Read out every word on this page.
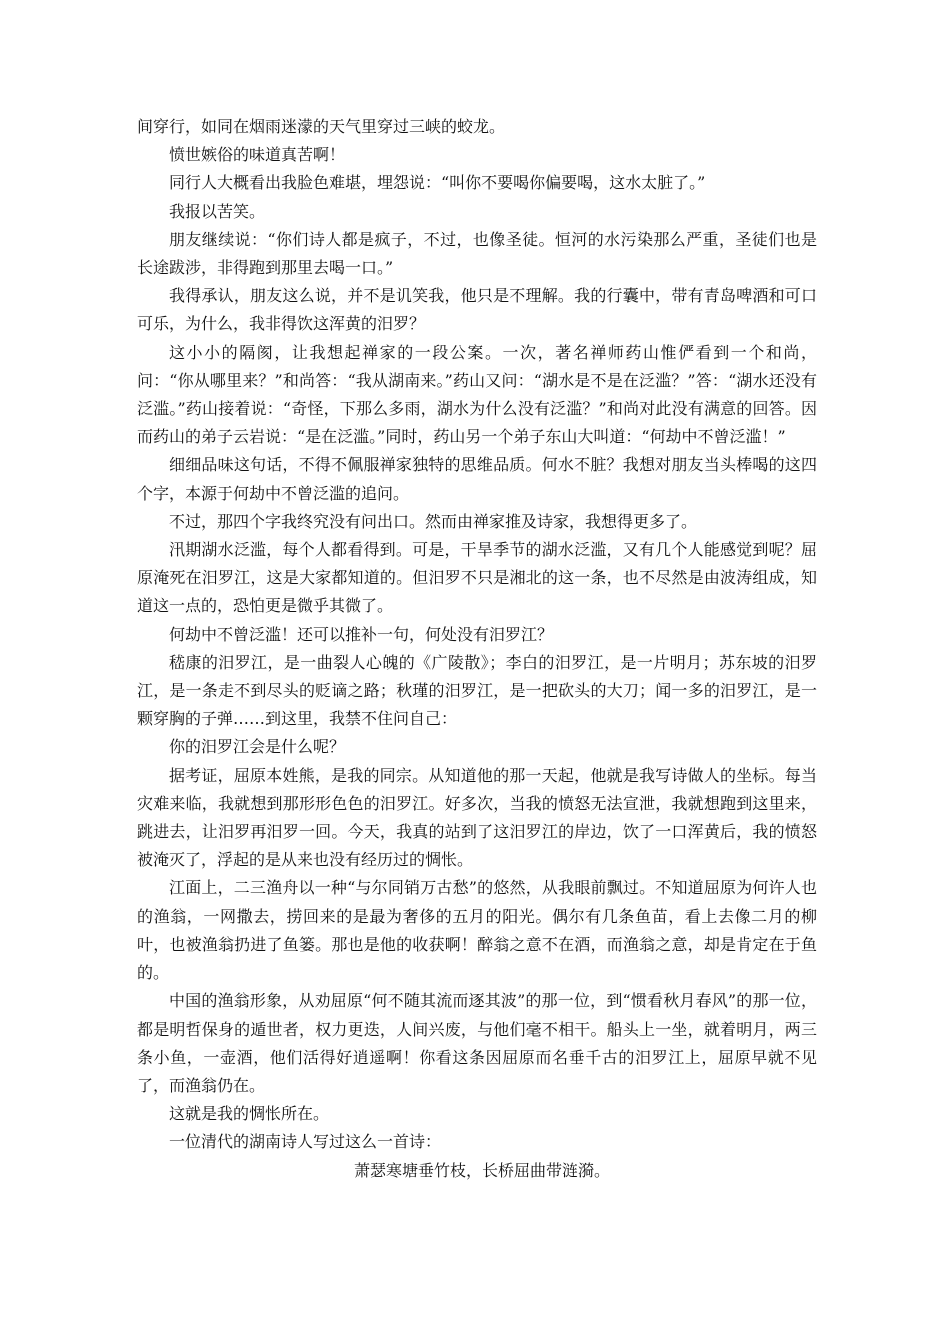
间穿行，如同在烟雨迷濛的天气里穿过三峡的蛟龙。

愤世嫉俗的味道真苦啊！

同行人大概看出我脸色难堪，埋怨说：“叫你不要喝你偏要喝，这水太脏了。”

我报以苦笑。

朋友继续说：“你们诗人都是疯子，不过，也像圣徒。恒河的水污染那么严重，圣徒们也是长途跋涉，非得跑到那里去喝一口。”

我得承认，朋友这么说，并不是讥笑我，他只是不理解。我的行囊中，带有青岛啤酒和可口可乐，为什么，我非得饮这浑黄的汨罗？

这小小的隔阂，让我想起禅家的一段公案。一次，著名禅师药山惟俨看到一个和尚，问：“你从哪里来？”和尚答：“我从湖南来。”药山又问：“湖水是不是在泛滥？”答：“湖水还没有泛滥。”药山接着说：“奇怪，下那么多雨，湖水为什么没有泛滥？”和尚对此没有满意的回答。因而药山的弟子云岩说：“是在泛滥。”同时，药山另一个弟子东山大叫道：“何劫中不曾泛滥！”

细细品味这句话，不得不佩服禅家独特的思维品质。何水不脏？我想对朋友当头棒喝的这四个字，本源于何劫中不曾泛滥的追问。

不过，那四个字我终究没有问出口。然而由禅家推及诗家，我想得更多了。

汛期湖水泛滥，每个人都看得到。可是，干旱季节的湖水泛滥，又有几个人能感觉到呢？屈原淹死在汨罗江，这是大家都知道的。但汨罗不只是湘北的这一条，也不尽然是由波涛组成，知道这一点的，恐怕更是微乎其微了。

何劫中不曾泛滥！还可以推补一句，何处没有汨罗江？

嵇康的汨罗江，是一曲裂人心魄的《广陵散》；李白的汨罗江，是一片明月；苏东坡的汨罗江，是一条走不到尽头的贬谪之路；秋瑾的汨罗江，是一把砍头的大刀；闻一多的汨罗江，是一颗穿胸的子弹……到这里，我禁不住问自己：

你的汨罗江会是什么呢？

据考证，屈原本姓熊，是我的同宗。从知道他的那一天起，他就是我写诗做人的坐标。每当灾难来临，我就想到那形形色色的汨罗江。好多次，当我的愤怒无法宣泄，我就想跑到这里来，跳进去，让汨罗再汨罗一回。今天，我真的站到了这汨罗江的岸边，饮了一口浑黄后，我的愤怒被淹灭了，浮起的是从来也没有经历过的惆怅。

江面上，二三渔舟以一种“与尔同销万古愁”的悠然，从我眼前飘过。不知道屈原为何许人也的渔翁，一网撒去，捞回来的是最为奢侈的五月的阳光。偶尔有几条鱼苗，看上去像二月的柳叶，也被渔翁扔进了鱼篓。那也是他的收获啊！醉翁之意不在酒，而渔翁之意，却是肯定在于鱼的。

中国的渔翁形象，从劝屈原“何不随其流而逐其波”的那一位，到“惯看秋月春风”的那一位，都是明哲保身的遁世者，权力更迭，人间兴废，与他们毫不相干。船头上一坐，就着明月，两三条小鱼，一壶酒，他们活得好逍遥啊！你看这条因屈原而名垂千古的汨罗江上，屈原早就不见了，而渔翁仍在。

这就是我的惆怅所在。

一位清代的湖南诗人写过这么一首诗：

萧瑟寒塘垂竹枝，长桥屈曲带涟漪。
